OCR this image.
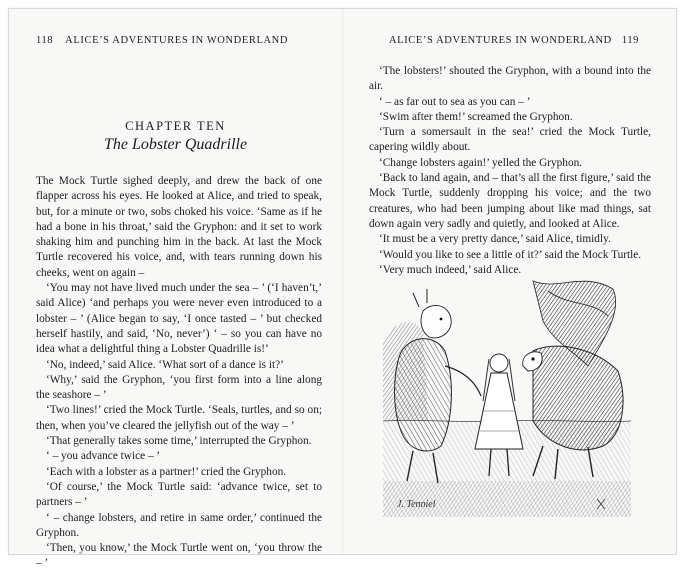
118 ALICE’S ADVENTURES IN WONDERLAND
CHAPTER TEN
The Lobster Quadrille

The Mock Turtle sighed deeply, and drew the back of one flapper across his eyes. He looked at Alice, and tried to speak, but, for a minute or two, sobs choked his voice. ‘Same as if he had a bone in his throat,’ said the Gryphon: and it set to work shaking him and punching him in the back. At last the Mock Turtle recovered his voice, and, with tears running down his cheeks, went on again –

‘You may not have lived much under the sea – ’ (‘I haven’t,’ said Alice) ‘and perhaps you were never even introduced to a lobster – ’ (Alice began to say, ‘I once tasted – ’ but checked herself hastily, and said, ‘No, never’) ‘ – so you can have no idea what a delightful thing a Lobster Quadrille is!’

‘No, indeed,’ said Alice. ‘What sort of a dance is it?’

‘Why,’ said the Gryphon, ‘you first form into a line along the seashore – ’

‘Two lines!’ cried the Mock Turtle. ‘Seals, turtles, and so on; then, when you’ve cleared the jellyfish out of the way – ’

‘That generally takes some time,’ interrupted the Gryphon.

‘ – you advance twice – ’

‘Each with a lobster as a partner!’ cried the Gryphon.

‘Of course,’ the Mock Turtle said: ‘advance twice, set to partners – ’

‘ – change lobsters, and retire in same order,’ continued the Gryphon.

‘Then, you know,’ the Mock Turtle went on, ‘you throw the – ’

ALICE’S ADVENTURES IN WONDERLAND 119

‘The lobsters!’ shouted the Gryphon, with a bound into the air.

‘ – as far out to sea as you can – ’

‘Swim after them!’ screamed the Gryphon.

‘Turn a somersault in the sea!’ cried the Mock Turtle, capering wildly about.

‘Change lobsters again!’ yelled the Gryphon.

‘Back to land again, and – that’s all the first figure,’ said the Mock Turtle, suddenly dropping his voice; and the two creatures, who had been jumping about like mad things, sat down again very sadly and quietly, and looked at Alice.

‘It must be a very pretty dance,’ said Alice, timidly.

‘Would you like to see a little of it?’ said the Mock Turtle.

‘Very much indeed,’ said Alice.

J. Tenniel
